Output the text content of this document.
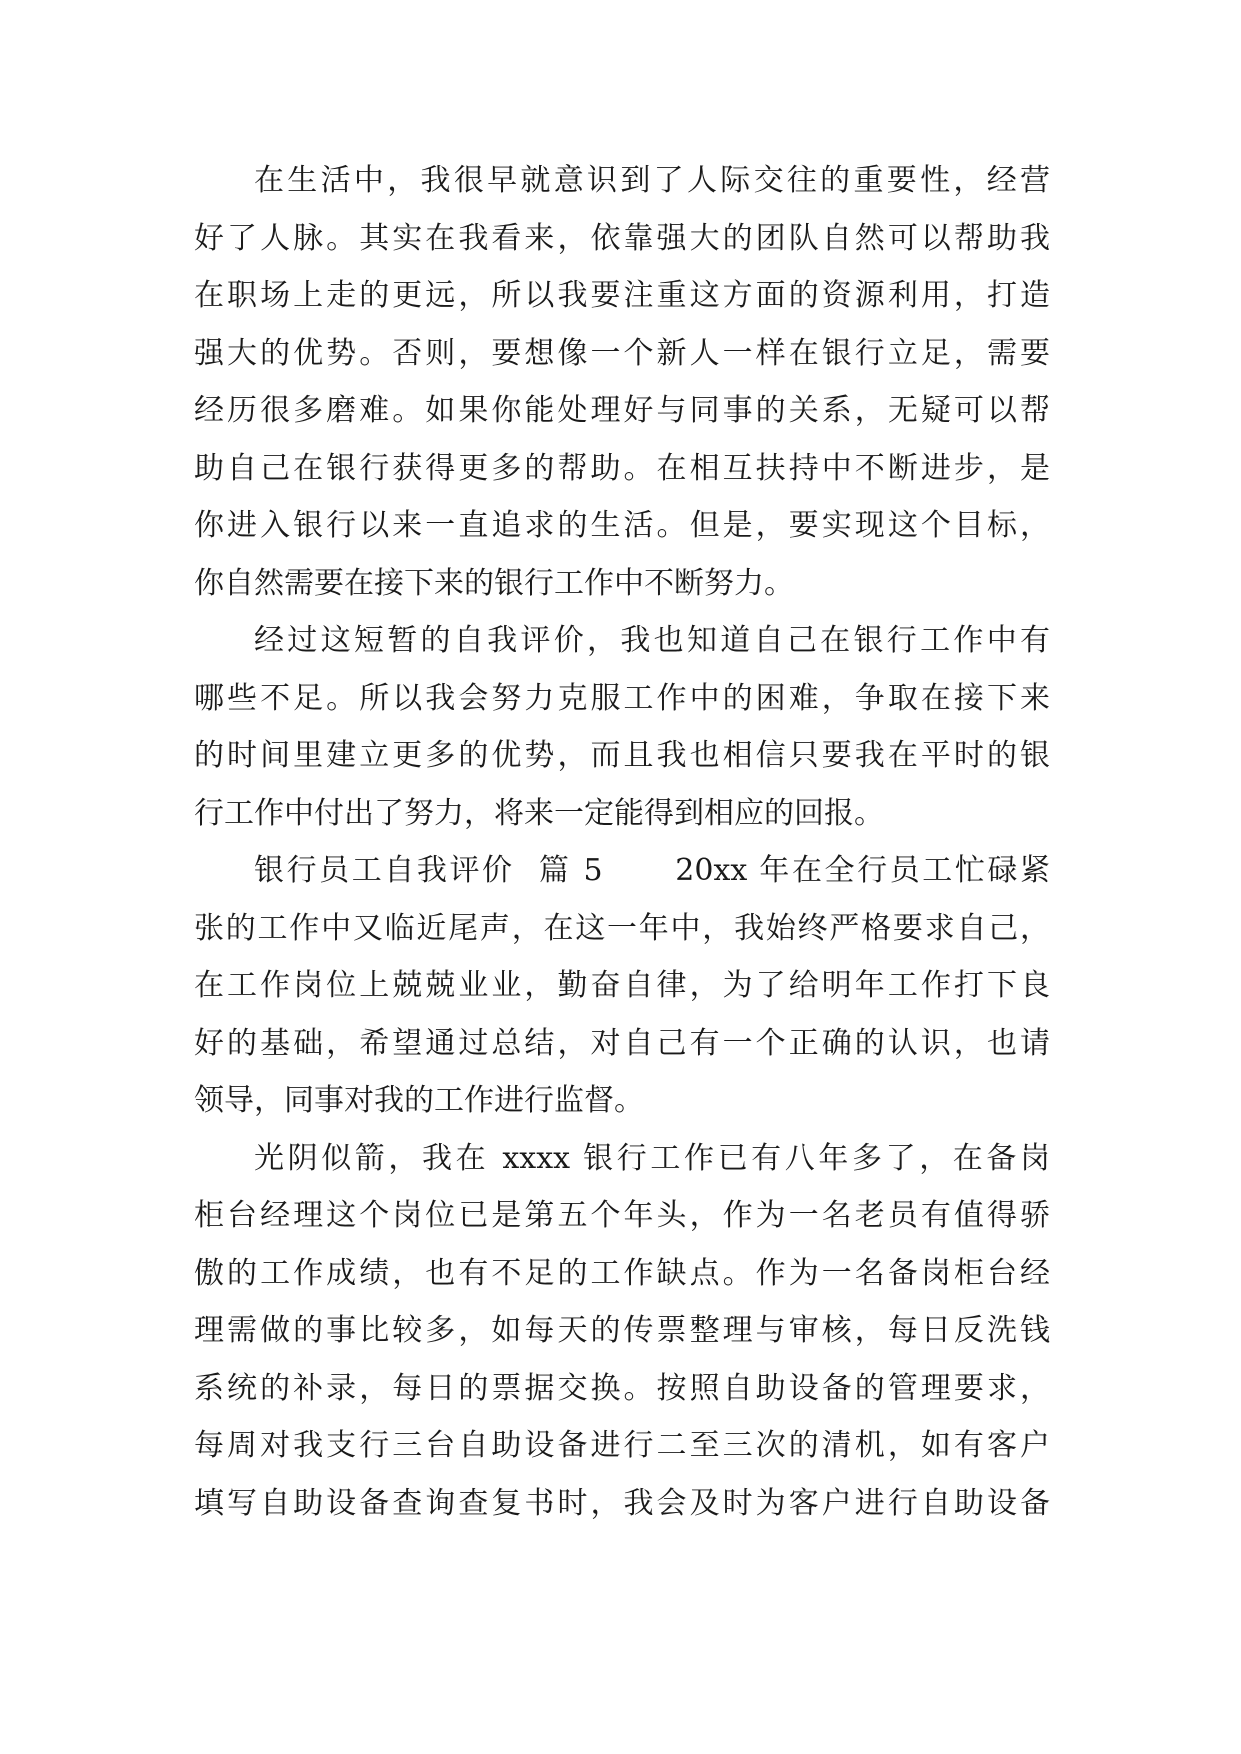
在生活中，我很早就意识到了人际交往的重要性，经营
好了人脉。其实在我看来，依靠强大的团队自然可以帮助我
在职场上走的更远，所以我要注重这方面的资源利用，打造
强大的优势。否则，要想像一个新人一样在银行立足，需要
经历很多磨难。如果你能处理好与同事的关系，无疑可以帮
助自己在银行获得更多的帮助。在相互扶持中不断进步，是
你进入银行以来一直追求的生活。但是，要实现这个目标，
你自然需要在接下来的银行工作中不断努力。
经过这短暂的自我评价，我也知道自己在银行工作中有
哪些不足。所以我会努力克服工作中的困难，争取在接下来
的时间里建立更多的优势，而且我也相信只要我在平时的银
行工作中付出了努力，将来一定能得到相应的回报。
银行员工自我评价  篇 5      20xx 年在全行员工忙碌紧
张的工作中又临近尾声，在这一年中，我始终严格要求自己，
在工作岗位上兢兢业业，勤奋自律，为了给明年工作打下良
好的基础，希望通过总结，对自己有一个正确的认识，也请
领导，同事对我的工作进行监督。
光阴似箭，我在 xxxx 银行工作已有八年多了，在备岗
柜台经理这个岗位已是第五个年头，作为一名老员有值得骄
傲的工作成绩，也有不足的工作缺点。作为一名备岗柜台经
理需做的事比较多，如每天的传票整理与审核，每日反洗钱
系统的补录，每日的票据交换。按照自助设备的管理要求，
每周对我支行三台自助设备进行二至三次的清机，如有客户
填写自助设备查询查复书时，我会及时为客户进行自助设备
